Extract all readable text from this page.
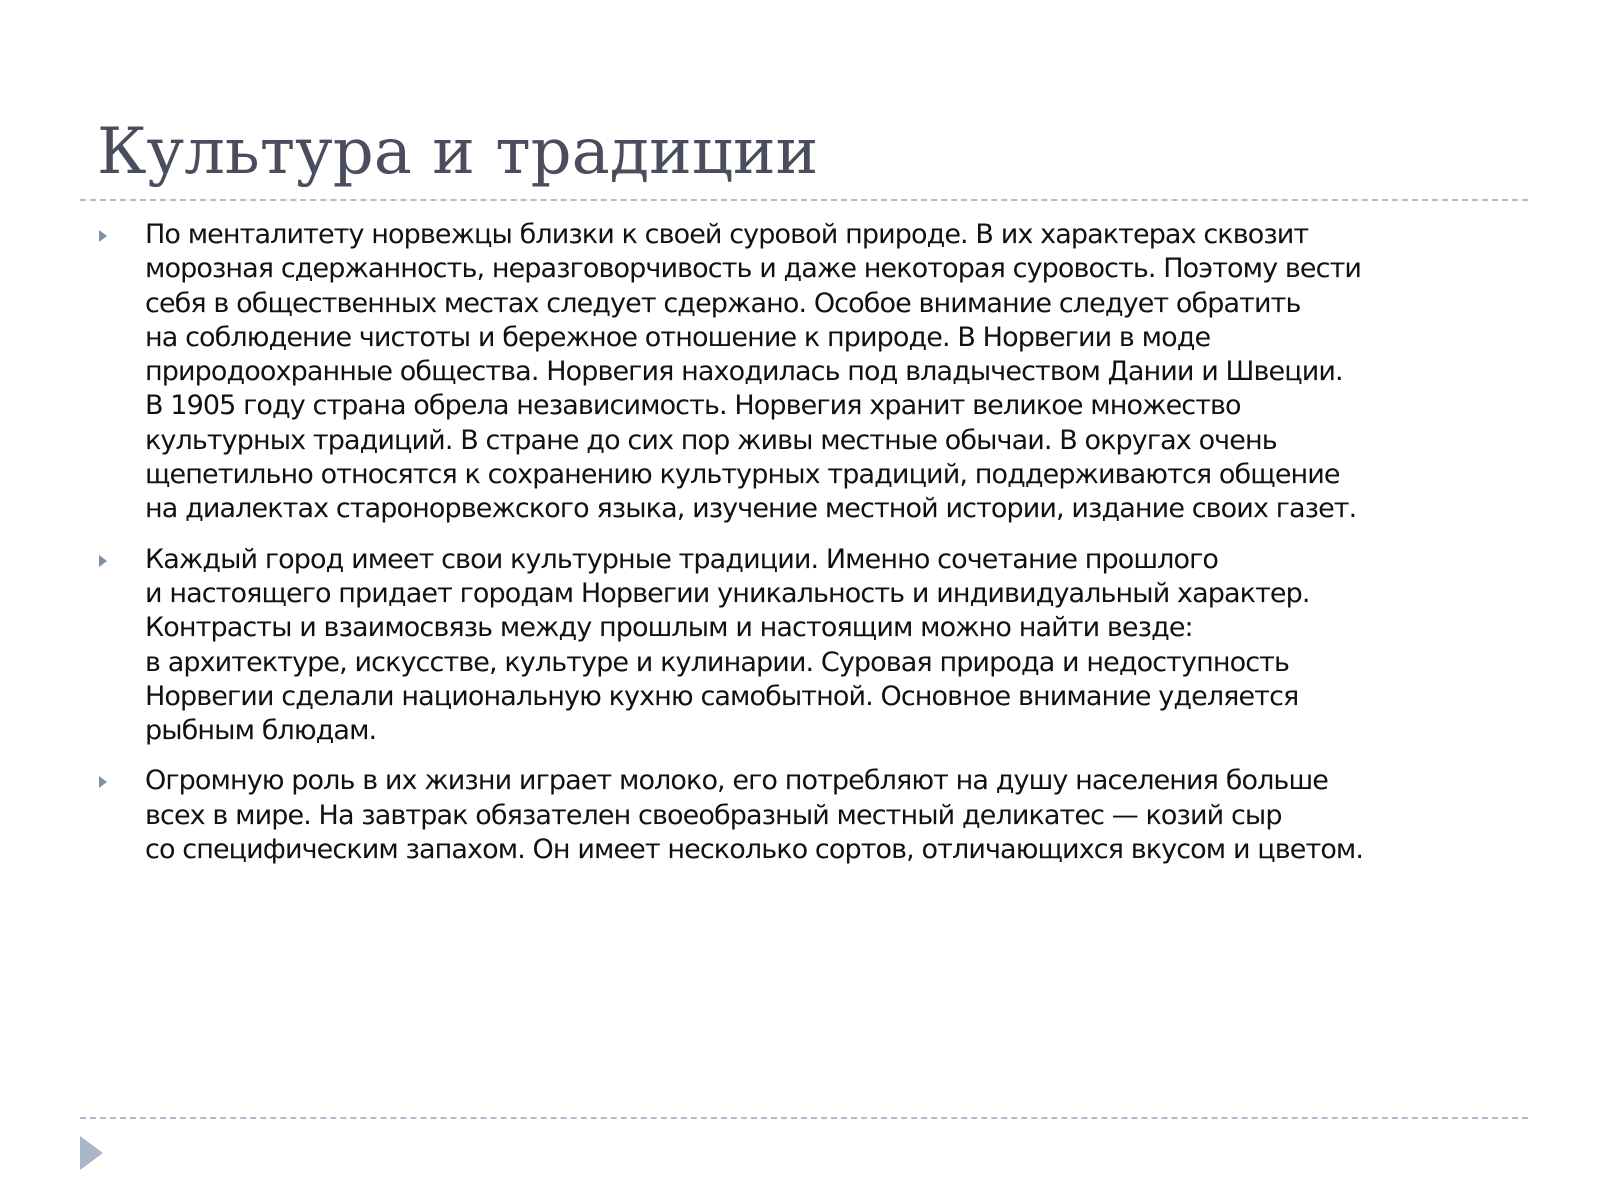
Культура и традиции

По менталитету норвежцы близки к своей суровой природе. В их характерах сквозит
морозная сдержанность, неразговорчивость и даже некоторая суровость. Поэтому вести
себя в общественных местах следует сдержано. Особое внимание следует обратить
на соблюдение чистоты и бережное отношение к природе. В Норвегии в моде
природоохранные общества. Норвегия находилась под владычеством Дании и Швеции.
В 1905 году страна обрела независимость. Норвегия хранит великое множество
культурных традиций. В стране до сих пор живы местные обычаи. В округах очень
щепетильно относятся к сохранению культурных традиций, поддерживаются общение
на диалектах старонорвежского языка, изучение местной истории, издание своих газет.

Каждый город имеет свои культурные традиции. Именно сочетание прошлого
и настоящего придает городам Норвегии уникальность и индивидуальный характер.
Контрасты и взаимосвязь между прошлым и настоящим можно найти везде:
в архитектуре, искусстве, культуре и кулинарии. Суровая природа и недоступность
Норвегии сделали национальную кухню самобытной. Основное внимание уделяется
рыбным блюдам.

Огромную роль в их жизни играет молоко, его потребляют на душу населения больше
всех в мире. На завтрак обязателен своеобразный местный деликатес — козий сыр
со специфическим запахом. Он имеет несколько сортов, отличающихся вкусом и цветом.
